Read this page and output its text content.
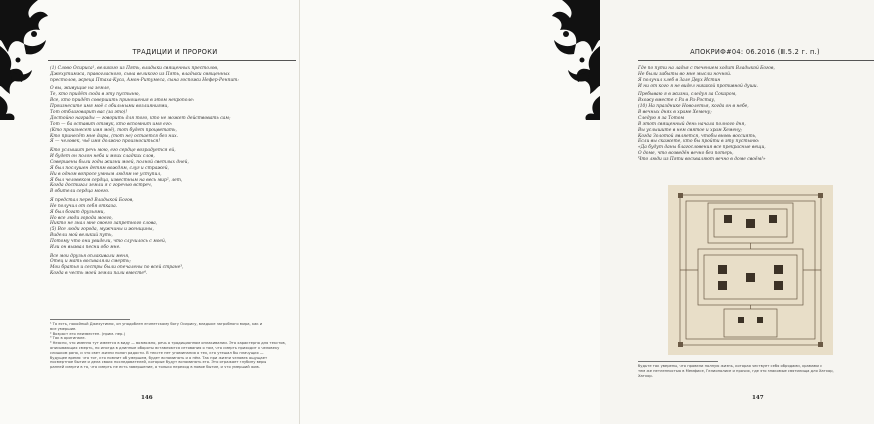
ТРАДИЦИИ И ПРОРОКИ
(1) Слово Осириса¹, великого из Пять, владыки священных престолов,
Джехутимэса, правогласного, сына великого из Пять, владыки священных
престолов, жреца Птаха-Куса, Амон-Ритумеса, сына госпожи Нефер-Ренпит:
О вы, живущие на земле,
Те, кто придёт сюда в эту пустыню,
Все, кто придёт совершить приношения в этом некрополе:
Произнесите имя моё с обильными возлияниями,
Тот отблаговарит вас (за это)!
Достойно награды — говорить для того, кто не может действовать сам;
Тот — ба оставит отзвук, кто вспомнит имя его:
(Кто произнесет имя моё), тот будет процветать,
Кто принесёт мне дары, (тот не) остается без них.
Я — человек, чьё имя должно произноситься!
Кто услышит речь мою, его сердце возрадуется ей,
И будет он полон неба и моих сладких слов,
Совершены были годы жизни моей, полной светлых дней,
Я был послушен детям вождям, слуг и стражей,
Ни в одном вопросе умным людям не уступил,
Я был человеком сердца, известным на весь мир², лет,
Когда достигал земли я с горечью встреч,
В обители сердца моего.
Я предстал перед Владыкой Богов,
Не получил от себя отказа.
Я был богат друзьями,
Но все люди города моего,
Никто не знал мне своего запретного слова,
(5) Все люди города, мужчины и женщины,
Видели мой великий путь,
Потому что они увидели, что случилось с моей,
Или он вызвал песни обо мне.
Все мои друзья оплакивали меня,
Отец и мать восхваляли смерть;
Мои братья и сестры были опечалены по всей стране³,
Когда в честь моей земли пали вместе⁴.
¹ То есть, покойный Джехутимэс, он уподоблен египетскому богу Осирису, владыке загробного мира, как и
все умершие.
² Возраст его неизвестен. (прим. пер.)
³ Так в оригинале.
⁴ Неясно, что именно тут имеется в виду — возможно, речь о традиционном оплакивании. Это характерно для текстов,
описывающих смерть, но иногда в длинные обороты вставляются сетования о том, что смерть приходит к человеку
слишком рано, и что свет жизни полон радости. В тексте нет упоминания о тех, кто утешал бы плачущих —
будущее время: что тот, кто помнит об умершем, будет вспоминать и о нём. Так при жизни человек ощущает
посмертное бытие и дела своих последователей, которые будут вспоминать его. Это отражает глубину веры
ранней смерти в то, что смерть не есть завершение, а только переход в новое бытие, и что умерший жив.
146
АПОКРИФ#04: 06.2016 (Ⅲ.5.2 г. п.)
Где по пути на ладья с течением ходит Владыкой Богов,
Не были забыты во мне мысли ночной.
Я получил хлеб в Зале Двух Истин
И ни от кого я не видел никакой противной души.
Пребываю я в жизни, следуя за Сокаром,
Вхожу вместе с Ра в Ра-Ростау,
(10) На празднике Новолетья, когда он в небе,
В вечных днях в храме Хемену;
Следую я за Тотом
В этот священный день начала полного дня,
Вы услышите в нем святое и храм Хемену;
Когда Золотой является, чтобы вновь воссиять,
Если вы скажете, кто бы пройти в эту пустыню:
«Да будут даны благословения все прекрасные вещи,
О доме, что возведён вечно без потерь,
Что люди из Пяти восхваляют вечно в доме своём!»
будьте так уверены, что провели полную жизнь, которая чествует себя обрядами, храмами с
тем же нетленностью в Мемфисе, Гелиополисе и прочих, где это знакомые святилища для Хатхор,
Хатхор.
147
